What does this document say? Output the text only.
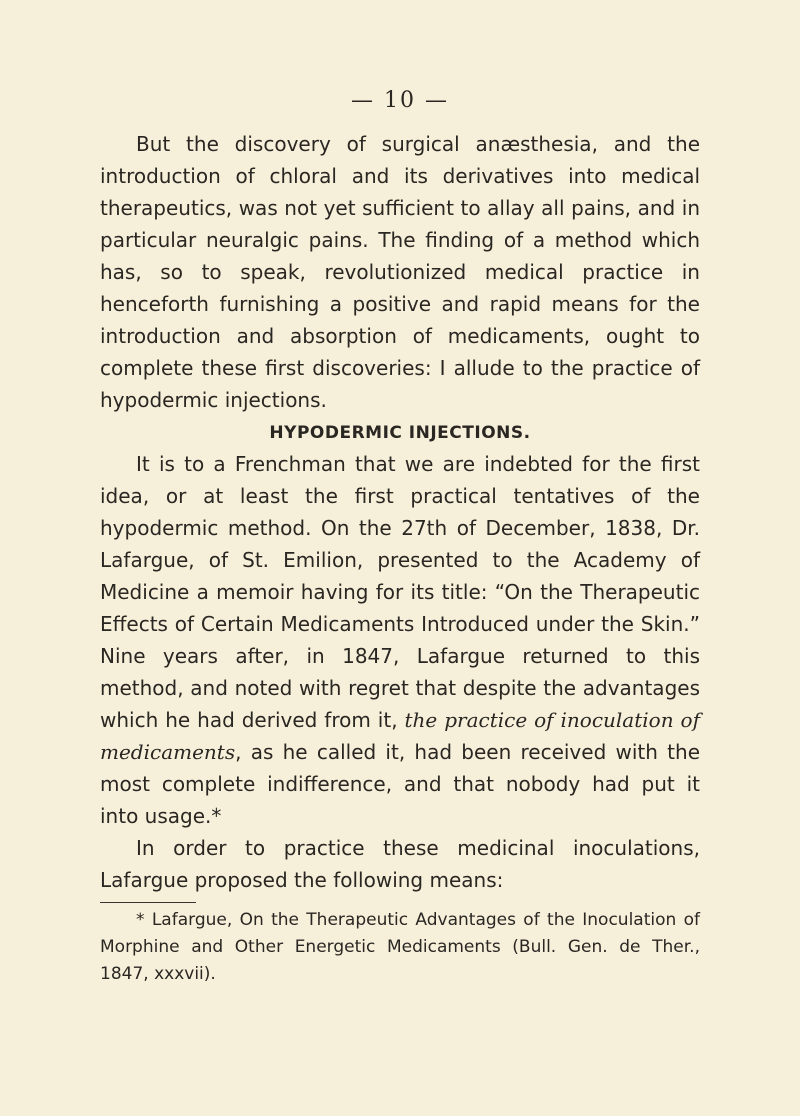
— 10 —

But the discovery of surgical anæsthesia, and the introduction of chloral and its derivatives into medical therapeutics, was not yet sufficient to allay all pains, and in particular neuralgic pains. The finding of a method which has, so to speak, revolutionized medical practice in henceforth furnishing a positive and rapid means for the introduction and absorption of medicaments, ought to complete these first discoveries: I allude to the practice of hypodermic injections.

HYPODERMIC INJECTIONS.

It is to a Frenchman that we are indebted for the first idea, or at least the first practical tentatives of the hypodermic method. On the 27th of December, 1838, Dr. Lafargue, of St. Emilion, presented to the Academy of Medicine a memoir having for its title: “On the Therapeutic Effects of Certain Medicaments Introduced under the Skin.” Nine years after, in 1847, Lafargue returned to this method, and noted with regret that despite the advantages which he had derived from it, the practice of inoculation of medicaments, as he called it, had been received with the most complete indifference, and that nobody had put it into usage.*

In order to practice these medicinal inoculations, Lafargue proposed the following means:

* Lafargue, On the Therapeutic Advantages of the Inoculation of Morphine and Other Energetic Medicaments (Bull. Gen. de Ther., 1847, xxxvii).
